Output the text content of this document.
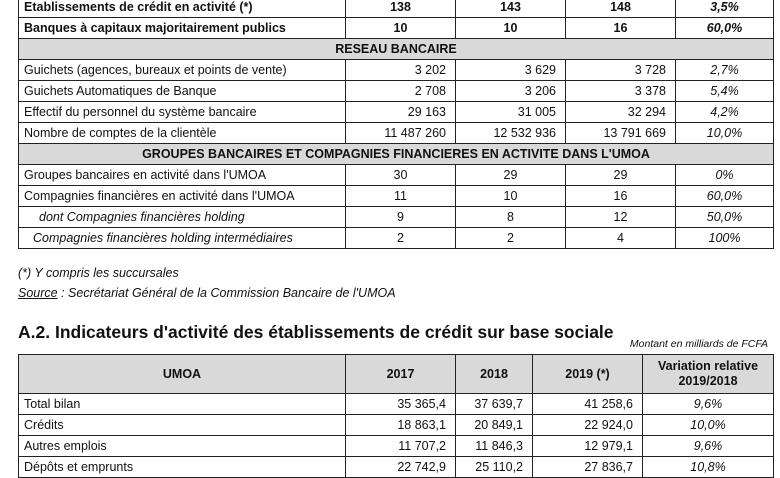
Etablissements de crédit en activité (*)	138	143	148	3,5%
Banques à capitaux majoritairement publics	10	10	16	60,0%
RESEAU BANCAIRE				
Guichets (agences, bureaux et points de vente)	3 202	3 629	3 728	2,7%
Guichets Automatiques de Banque	2 708	3 206	3 378	5,4%
Effectif du personnel du système bancaire	29 163	31 005	32 294	4,2%
Nombre de comptes de la clientèle	11 487 260	12 532 936	13 791 669	10,0%
GROUPES BANCAIRES ET COMPAGNIES FINANCIERES EN ACTIVITE DANS L'UMOA				
Groupes bancaires en activité dans l'UMOA	30	29	29	0%
Compagnies financières en activité dans l'UMOA	11	10	16	60,0%
dont Compagnies financières holding	9	8	12	50,0%
Compagnies financières holding intermédiaires	2	2	4	100%
(*) Y compris les succursales
Source : Secrétariat Général de la Commission Bancaire de l'UMOA
A.2. Indicateurs d'activité des établissements de crédit sur base sociale
Montant en milliards de FCFA
UMOA	2017	2018	2019 (*)	Variation relative 2019/2018
Total bilan	35 365,4	37 639,7	41 258,6	9,6%
Crédits	18 863,1	20 849,1	22 924,0	10,0%
Autres emplois	11 707,2	11 846,3	12 979,1	9,6%
Dépôts et emprunts	22 742,9	25 110,2	27 836,7	10,8%
